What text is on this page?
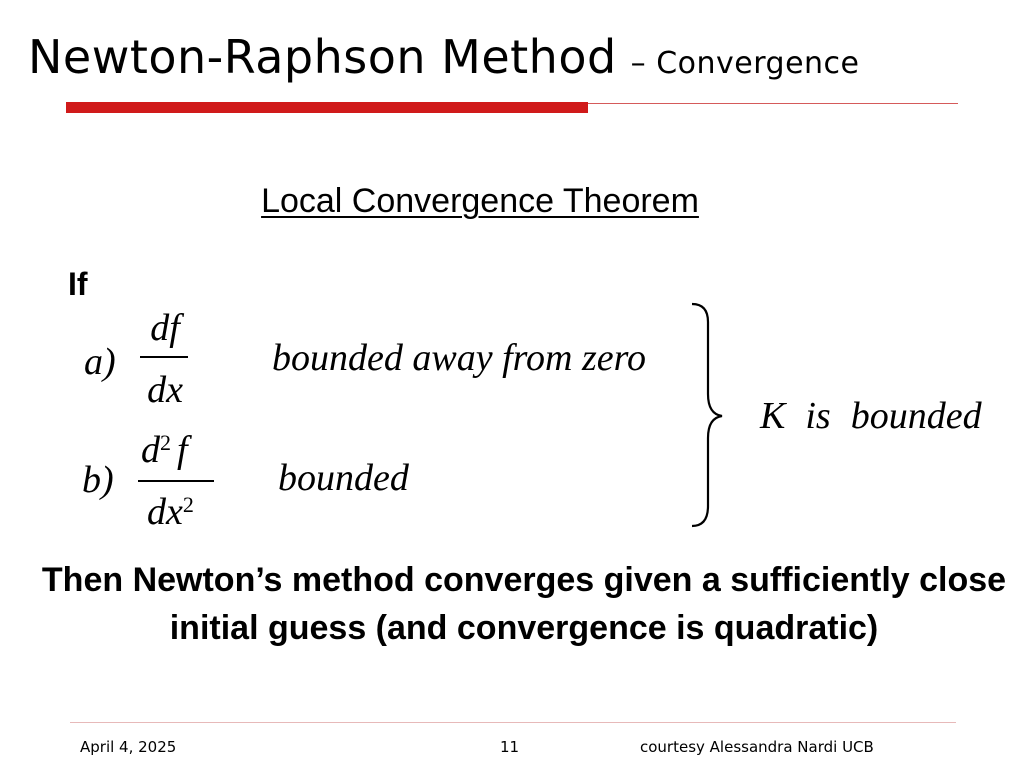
Newton-Raphson Method – Convergence
Local Convergence Theorem
If
a)
df
dx
bounded away from zero
b)
$d^2$ f
$dx^2$
bounded
K is bounded
Then Newton’s method converges given a sufficiently close initial guess (and convergence is quadratic)
April 4, 2025	11	courtesy Alessandra Nardi UCB
